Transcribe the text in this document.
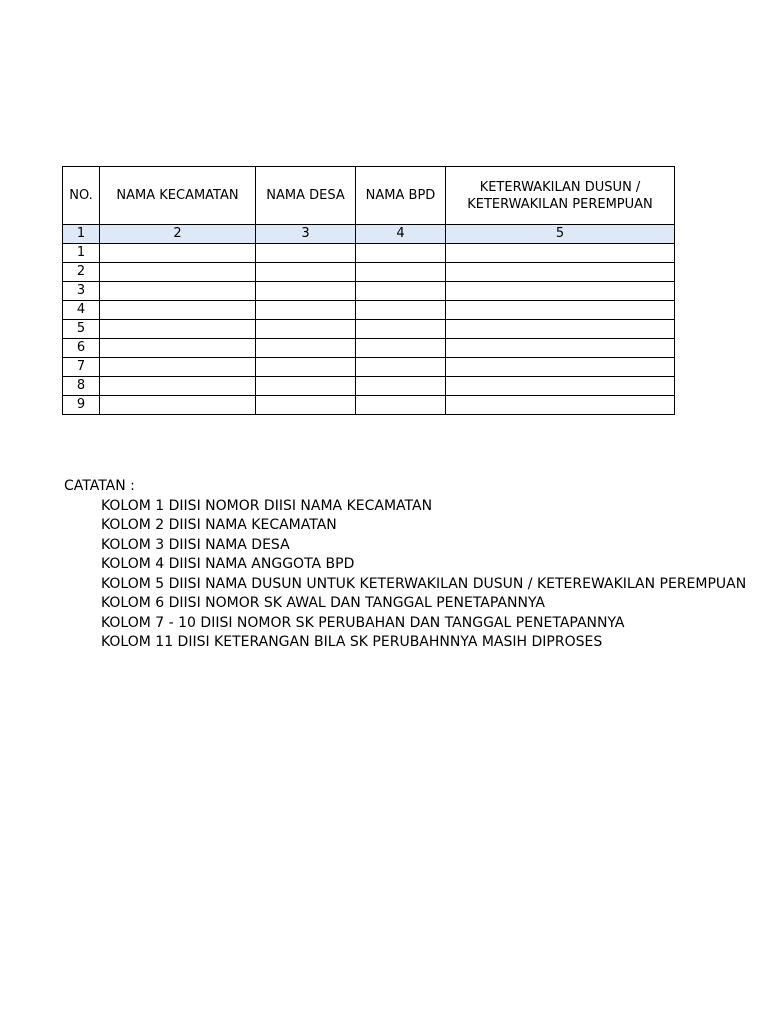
NO.	NAMA KECAMATAN	NAMA DESA	NAMA BPD	KETERWAKILAN DUSUN / KETERWAKILAN PEREMPUAN
1	2	3	4	5
1				
2				
3				
4				
5				
6				
7				
8				
9				
CATATAN :
KOLOM 1 DIISI NOMOR DIISI NAMA KECAMATAN
KOLOM 2 DIISI NAMA KECAMATAN
KOLOM 3 DIISI NAMA DESA
KOLOM 4 DIISI NAMA ANGGOTA BPD
KOLOM 5 DIISI NAMA DUSUN UNTUK KETERWAKILAN DUSUN / KETEREWAKILAN PEREMPUAN
KOLOM 6 DIISI NOMOR SK AWAL DAN TANGGAL PENETAPANNYA
KOLOM 7 - 10 DIISI NOMOR SK PERUBAHAN DAN TANGGAL PENETAPANNYA
KOLOM 11 DIISI KETERANGAN BILA SK PERUBAHNNYA MASIH DIPROSES
